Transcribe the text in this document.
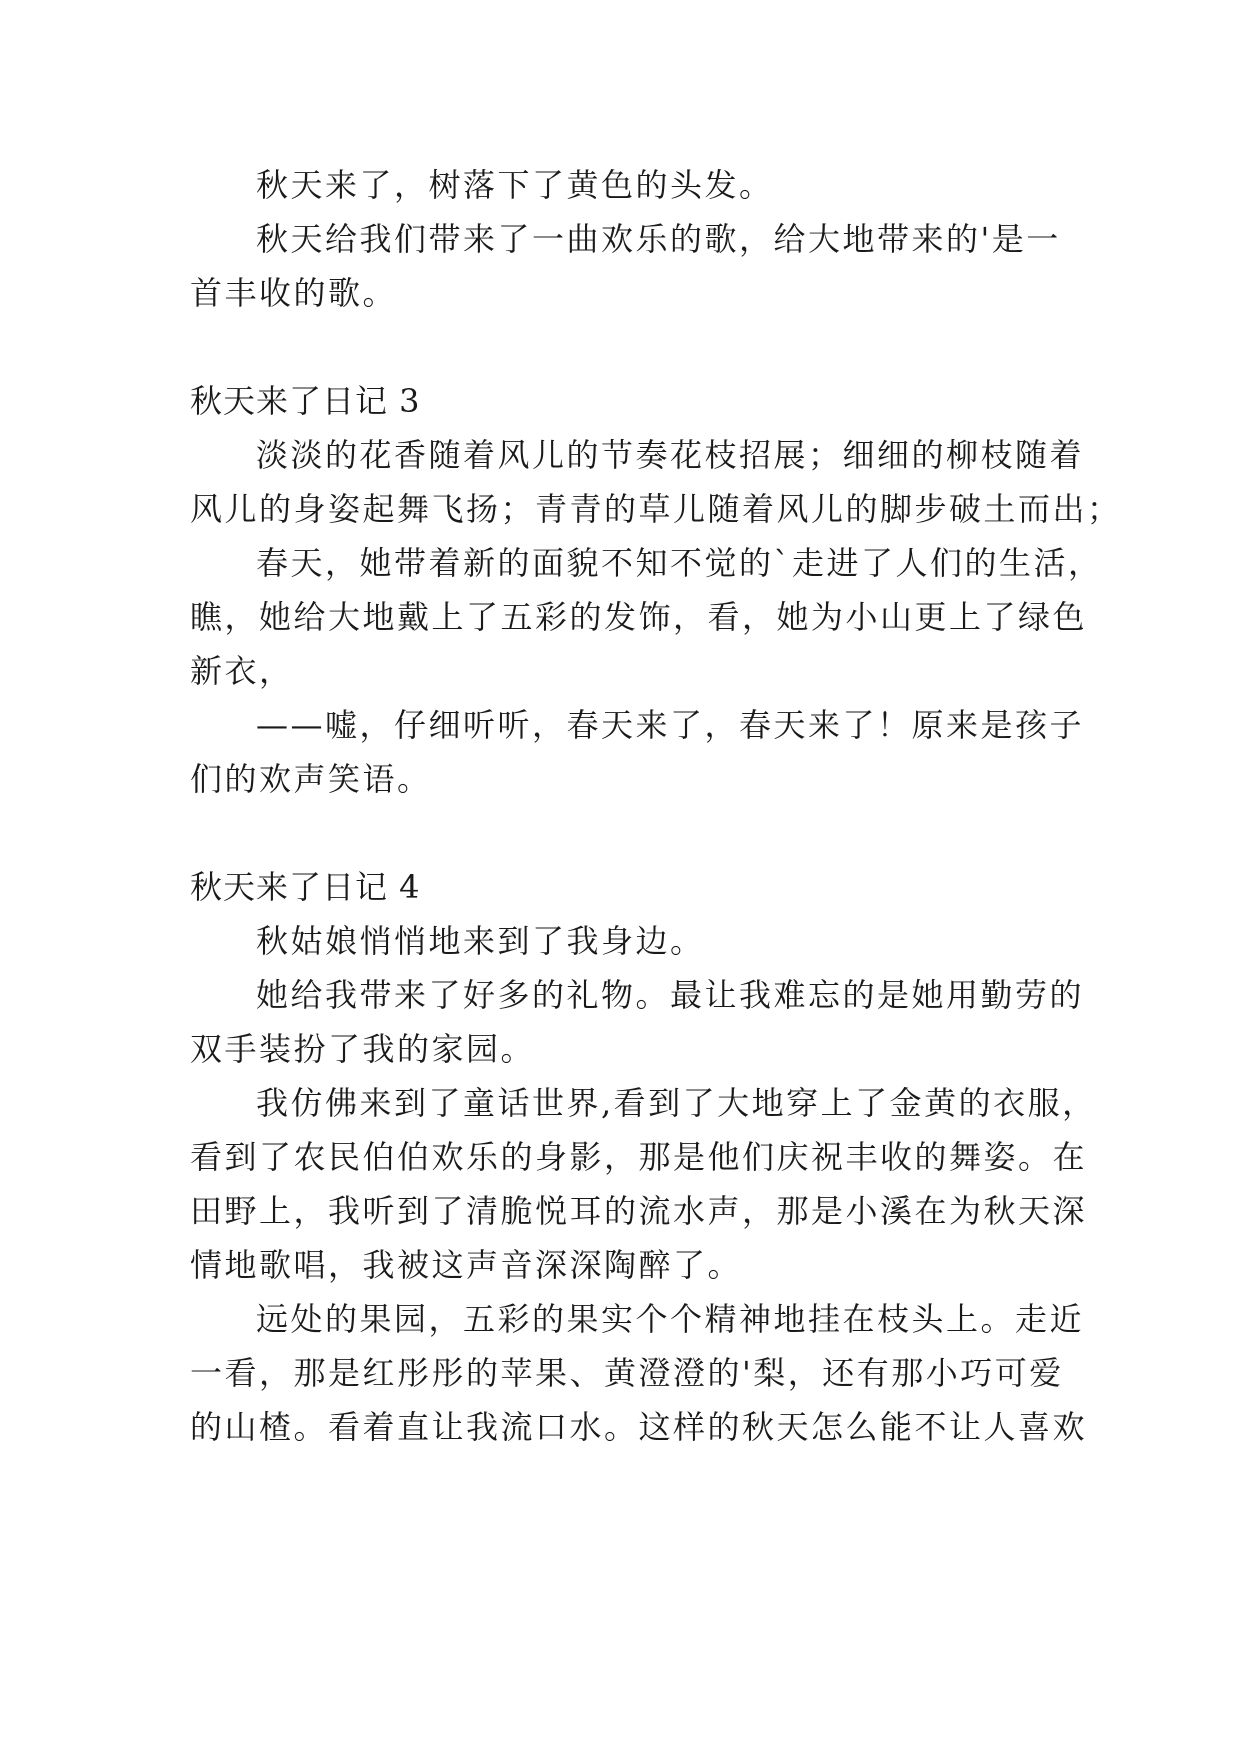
秋天来了，树落下了黄色的头发。
秋天给我们带来了一曲欢乐的歌，给大地带来的'是一
首丰收的歌。
秋天来了日记 3
淡淡的花香随着风儿的节奏花枝招展；细细的柳枝随着
风儿的身姿起舞飞扬；青青的草儿随着风儿的脚步破土而出；
春天，她带着新的面貌不知不觉的`走进了人们的生活，
瞧，她给大地戴上了五彩的发饰，看，她为小山更上了绿色
新衣，
——嘘，仔细听听，春天来了，春天来了！原来是孩子
们的欢声笑语。
秋天来了日记 4
秋姑娘悄悄地来到了我身边。
她给我带来了好多的礼物。最让我难忘的是她用勤劳的
双手装扮了我的家园。
我仿佛来到了童话世界,看到了大地穿上了金黄的衣服，
看到了农民伯伯欢乐的身影，那是他们庆祝丰收的舞姿。在
田野上，我听到了清脆悦耳的流水声，那是小溪在为秋天深
情地歌唱，我被这声音深深陶醉了。
远处的果园，五彩的果实个个精神地挂在枝头上。走近
一看，那是红彤彤的苹果、黄澄澄的'梨，还有那小巧可爱
的山楂。看着直让我流口水。这样的秋天怎么能不让人喜欢
